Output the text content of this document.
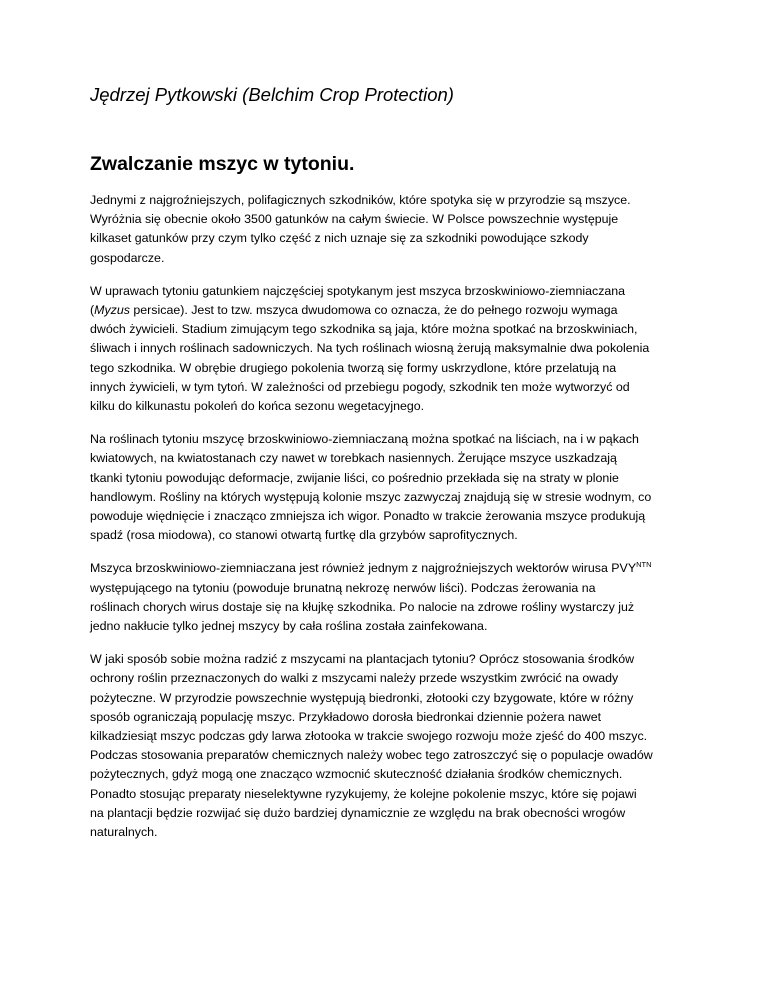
Jędrzej Pytkowski (Belchim Crop Protection)
Zwalczanie mszyc w tytoniu.

Jednymi z najgroźniejszych, polifagicznych szkodników, które spotyka się w przyrodzie są mszyce.
Wyróżnia się obecnie około 3500 gatunków na całym świecie. W Polsce powszechnie występuje
kilkaset gatunków przy czym tylko część z nich uznaje się za szkodniki powodujące szkody
gospodarcze.

W uprawach tytoniu gatunkiem najczęściej spotykanym jest mszyca brzoskwiniowo-ziemniaczana
(Myzus persicae). Jest to tzw. mszyca dwudomowa co oznacza, że do pełnego rozwoju wymaga
dwóch żywicieli. Stadium zimującym tego szkodnika są jaja, które można spotkać na brzoskwiniach,
śliwach i innych roślinach sadowniczych. Na tych roślinach wiosną żerują maksymalnie dwa pokolenia
tego szkodnika. W obrębie drugiego pokolenia tworzą się formy uskrzydlone, które przelatują na
innych żywicieli, w tym tytoń. W zależności od przebiegu pogody, szkodnik ten może wytworzyć od
kilku do kilkunastu pokoleń do końca sezonu wegetacyjnego.

Na roślinach tytoniu mszycę brzoskwiniowo-ziemniaczaną można spotkać na liściach, na i w pąkach
kwiatowych, na kwiatostanach czy nawet w torebkach nasiennych. Żerujące mszyce uszkadzają
tkanki tytoniu powodując deformacje, zwijanie liści, co pośrednio przekłada się na straty w plonie
handlowym. Rośliny na których występują kolonie mszyc zazwyczaj znajdują się w stresie wodnym, co
powoduje więdnięcie i znacząco zmniejsza ich wigor. Ponadto w trakcie żerowania mszyce produkują
spadź (rosa miodowa), co stanowi otwartą furtkę dla grzybów saprofitycznych.

Mszyca brzoskwiniowo-ziemniaczana jest również jednym z najgroźniejszych wektorów wirusa $PVY^{NTN}$
występującego na tytoniu (powoduje brunatną nekrozę nerwów liści). Podczas żerowania na
roślinach chorych wirus dostaje się na kłujkę szkodnika. Po nalocie na zdrowe rośliny wystarczy już
jedno nakłucie tylko jednej mszycy by cała roślina została zainfekowana.

W jaki sposób sobie można radzić z mszycami na plantacjach tytoniu? Oprócz stosowania środków
ochrony roślin przeznaczonych do walki z mszycami należy przede wszystkim zwrócić na owady
pożyteczne. W przyrodzie powszechnie występują biedronki, złotooki czy bzygowate, które w różny
sposób ograniczają populację mszyc. Przykładowo dorosła biedronkai dziennie pożera nawet
kilkadziesiąt mszyc podczas gdy larwa złotooka w trakcie swojego rozwoju może zjeść do 400 mszyc.
Podczas stosowania preparatów chemicznych należy wobec tego zatroszczyć się o populacje owadów
pożytecznych, gdyż mogą one znacząco wzmocnić skuteczność działania środków chemicznych.
Ponadto stosując preparaty nieselektywne ryzykujemy, że kolejne pokolenie mszyc, które się pojawi
na plantacji będzie rozwijać się dużo bardziej dynamicznie ze względu na brak obecności wrogów
naturalnych.
